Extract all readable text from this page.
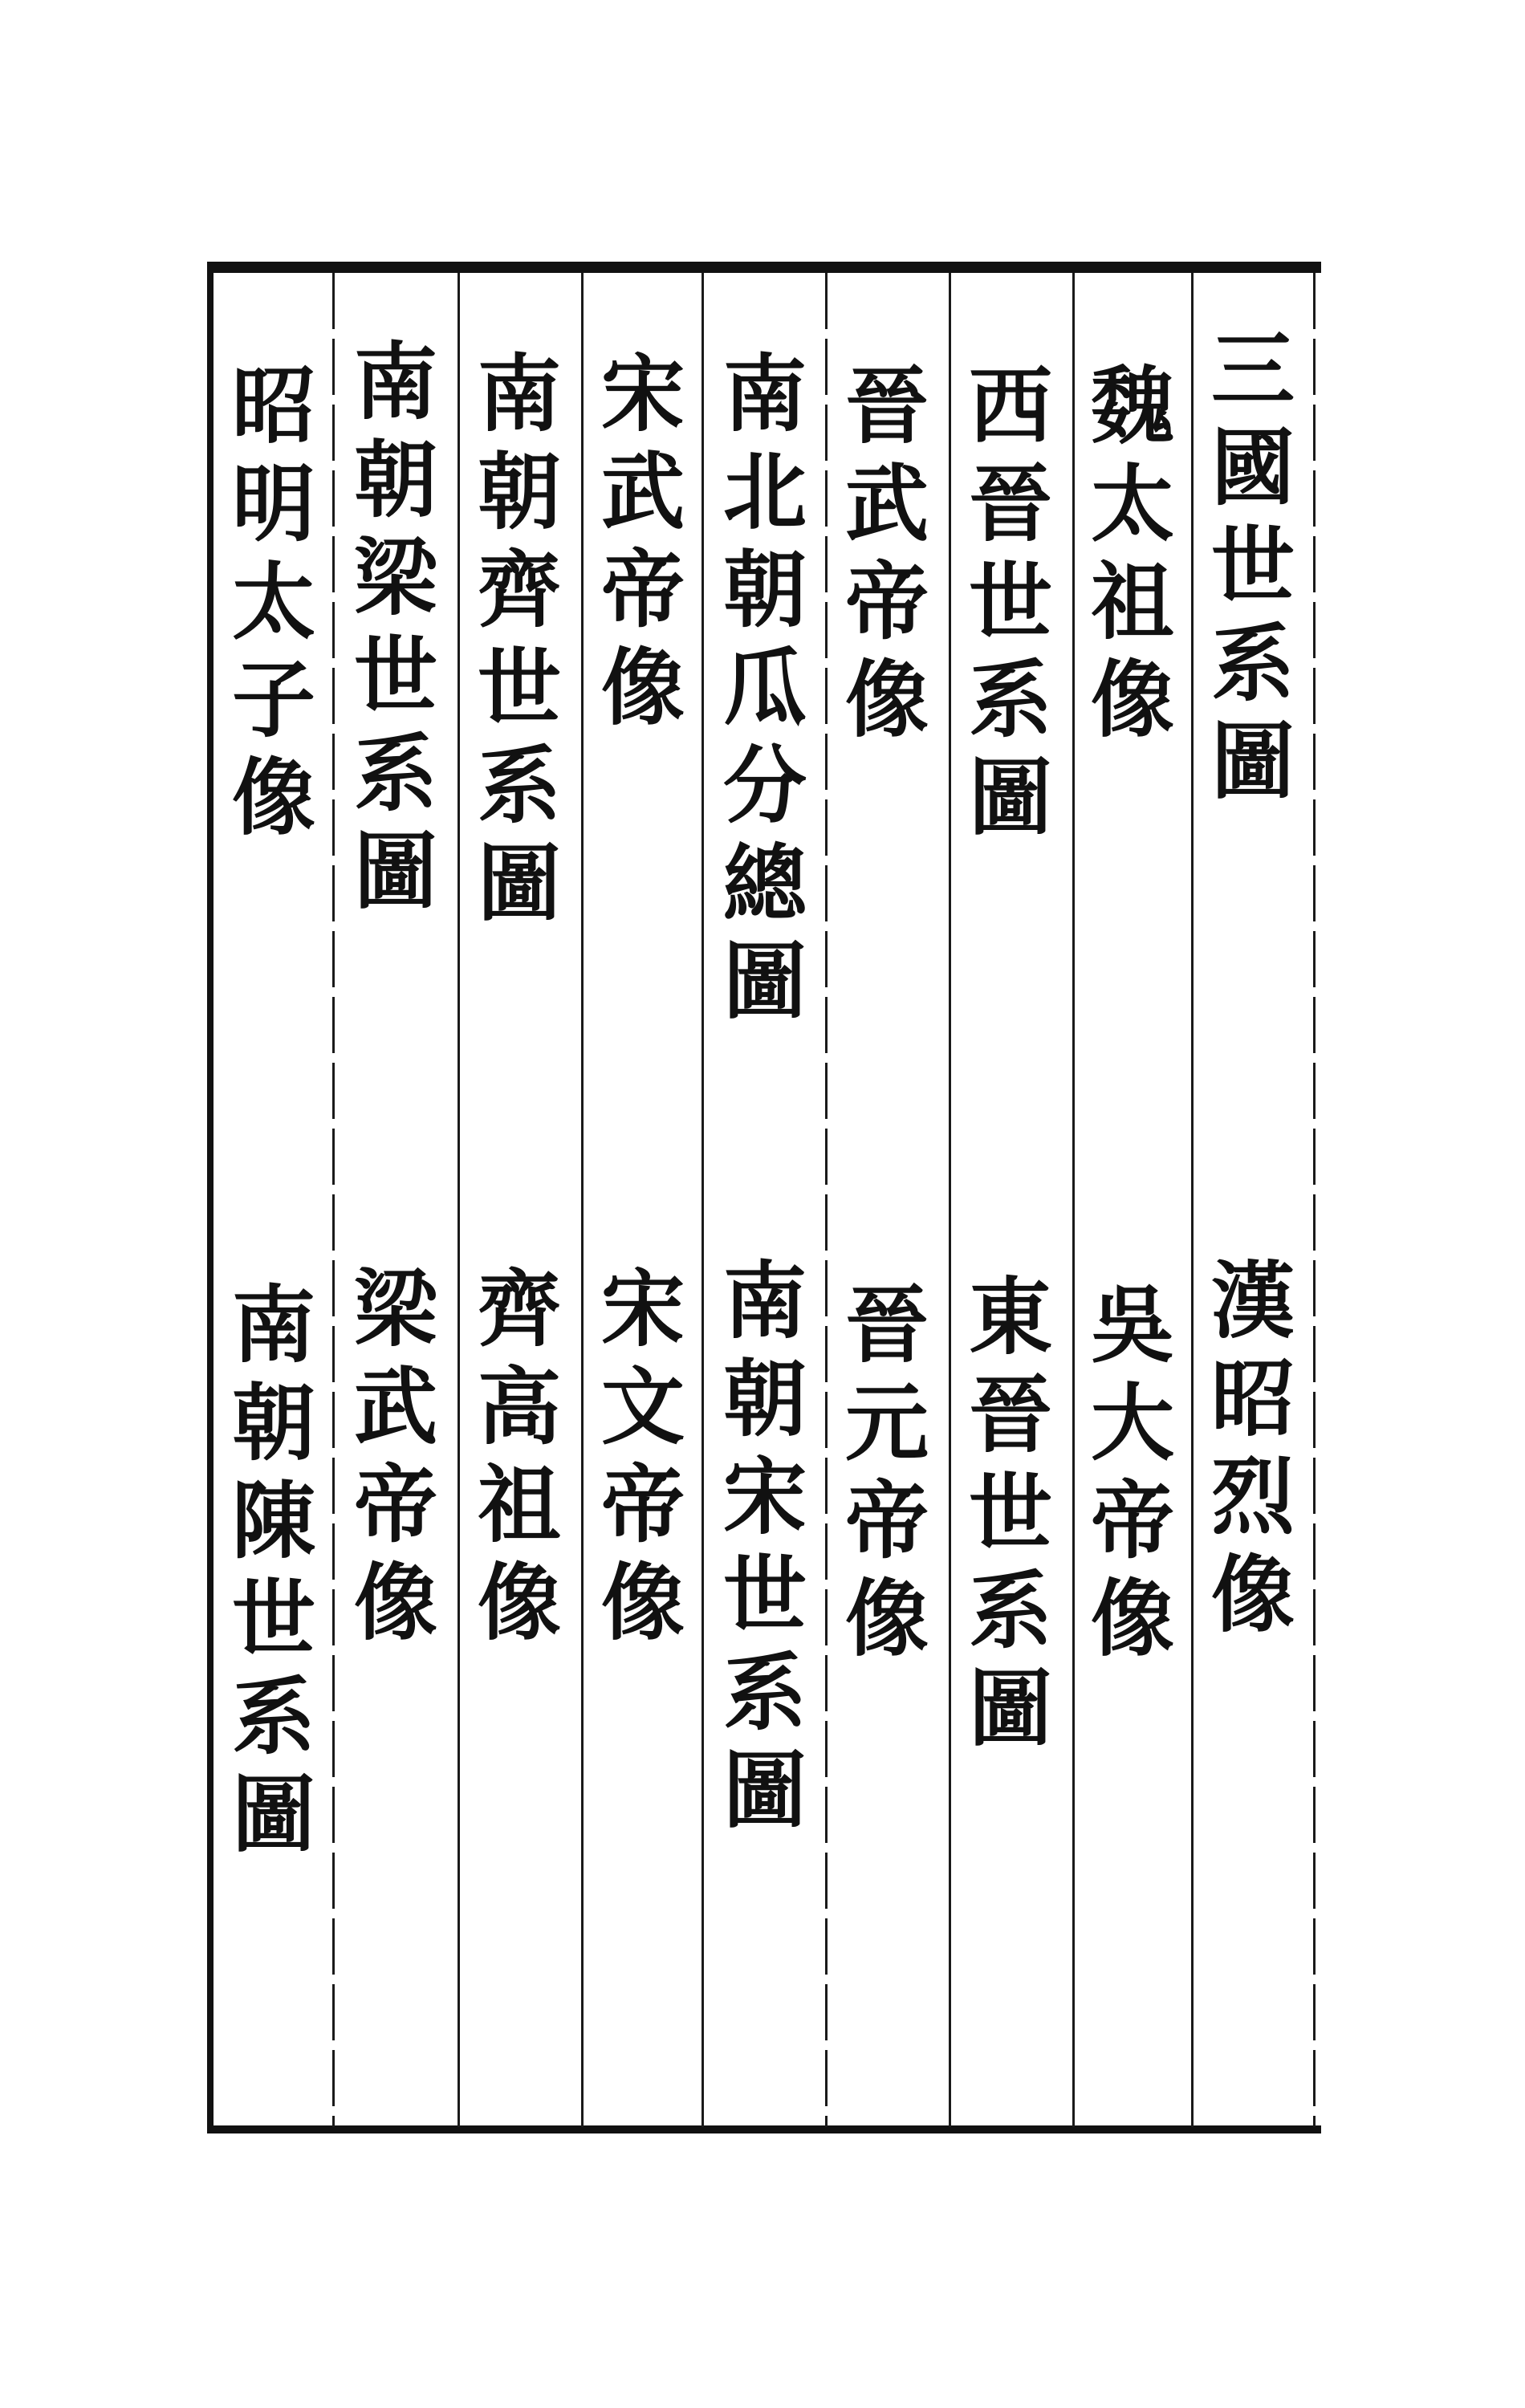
三
國
世
系
圖
漢
昭
烈
像
魏
太
祖
像
吳
大
帝
像
西
晉
世
系
圖
東
晉
世
系
圖
晉
武
帝
像
晉
元
帝
像
南
北
朝
瓜
分
總
圖
南
朝
宋
世
系
圖
宋
武
帝
像
宋
文
帝
像
南
朝
齊
世
系
圖
齊
高
祖
像
南
朝
梁
世
系
圖
梁
武
帝
像
昭
明
太
子
像
南
朝
陳
世
系
圖
